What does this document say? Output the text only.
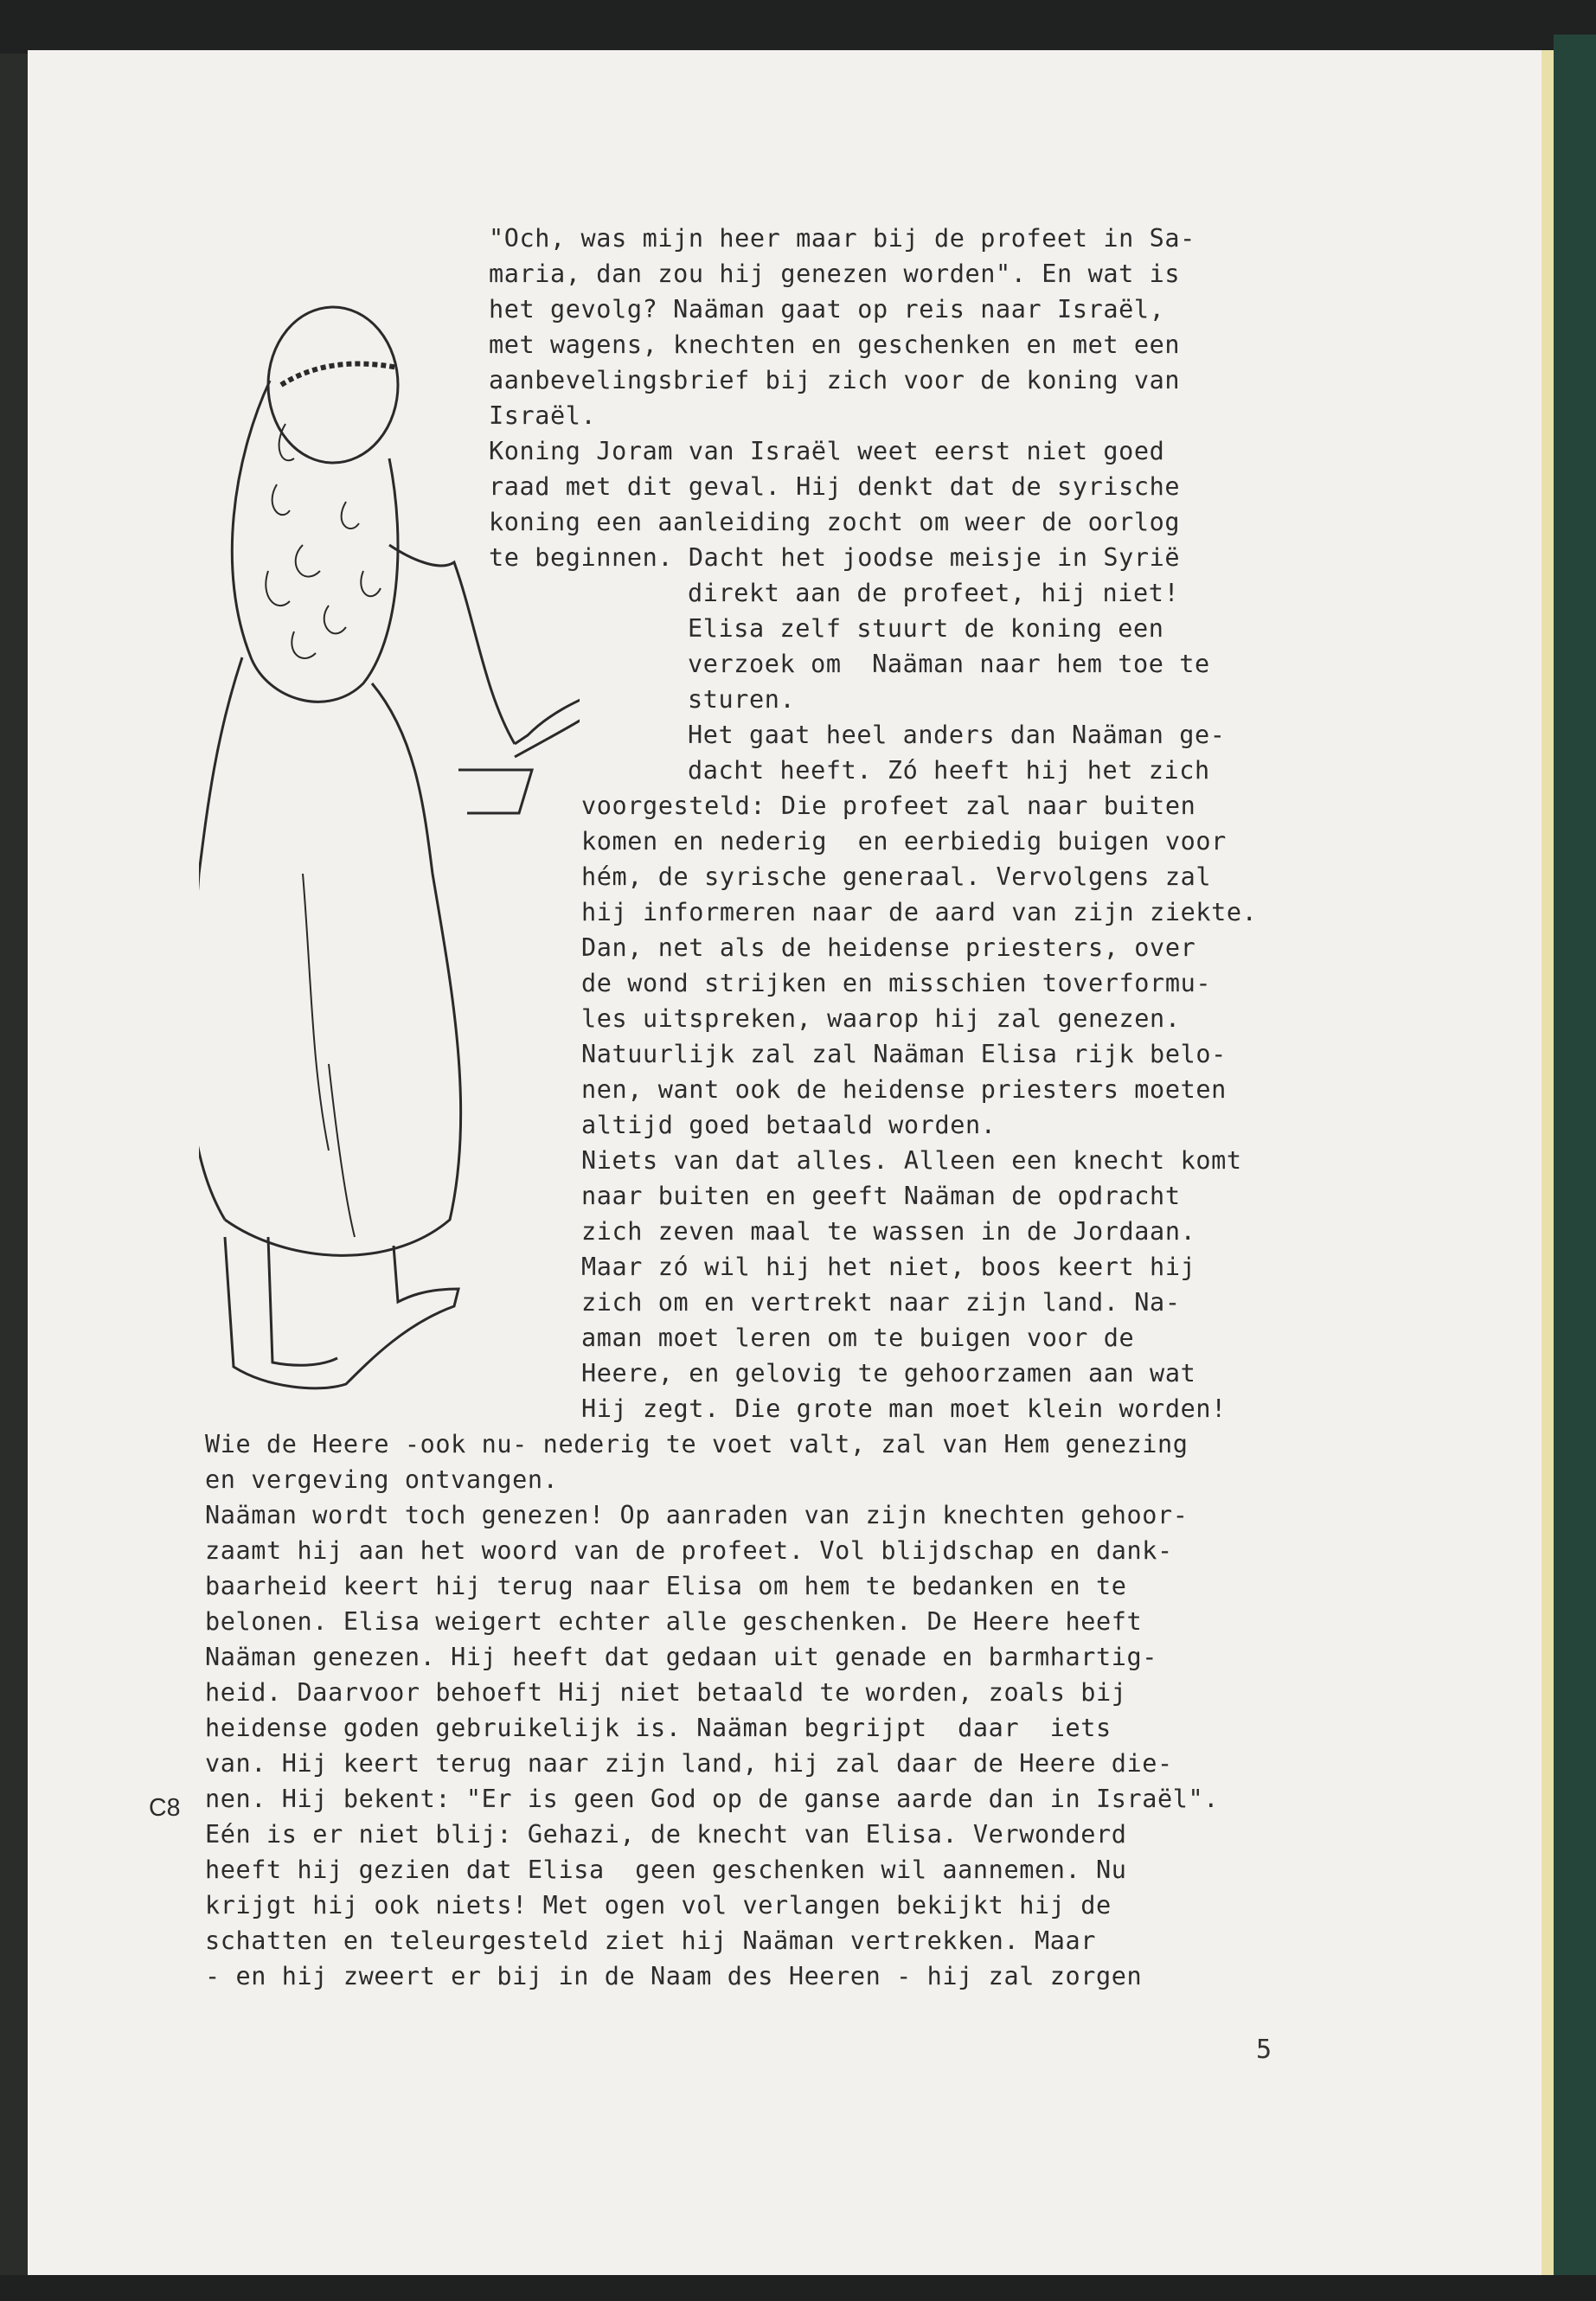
"Och, was mijn heer maar bij de profeet in Sa-

maria, dan zou hij genezen worden". En wat is

het gevolg? Naäman gaat op reis naar Israël,

met wagens, knechten en geschenken en met een

aanbevelingsbrief bij zich voor de koning van

Israël.

Koning Joram van Israël weet eerst niet goed

raad met dit geval. Hij denkt dat de syrische

koning een aanleiding zocht om weer de oorlog

te beginnen. Dacht het joodse meisje in Syrië

direkt aan de profeet, hij niet!

Elisa zelf stuurt de koning een

verzoek om  Naäman naar hem toe te

sturen.

Het gaat heel anders dan Naäman ge-

dacht heeft. Zó heeft hij het zich

voorgesteld: Die profeet zal naar buiten

komen en nederig  en eerbiedig buigen voor

hém, de syrische generaal. Vervolgens zal

hij informeren naar de aard van zijn ziekte.

Dan, net als de heidense priesters, over

de wond strijken en misschien toverformu-

les uitspreken, waarop hij zal genezen.

Natuurlijk zal zal Naäman Elisa rijk belo-

nen, want ook de heidense priesters moeten

altijd goed betaald worden.

Niets van dat alles. Alleen een knecht komt

naar buiten en geeft Naäman de opdracht

zich zeven maal te wassen in de Jordaan.

Maar zó wil hij het niet, boos keert hij

zich om en vertrekt naar zijn land. Na-

aman moet leren om te buigen voor de

Heere, en gelovig te gehoorzamen aan wat

Hij zegt. Die grote man moet klein worden!

Wie de Heere -ook nu- nederig te voet valt, zal van Hem genezing

en vergeving ontvangen.

Naäman wordt toch genezen! Op aanraden van zijn knechten gehoor-

zaamt hij aan het woord van de profeet. Vol blijdschap en dank-

baarheid keert hij terug naar Elisa om hem te bedanken en te

belonen. Elisa weigert echter alle geschenken. De Heere heeft

Naäman genezen. Hij heeft dat gedaan uit genade en barmhartig-

heid. Daarvoor behoeft Hij niet betaald te worden, zoals bij

heidense goden gebruikelijk is. Naäman begrijpt  daar  iets

van. Hij keert terug naar zijn land, hij zal daar de Heere die-

nen. Hij bekent: "Er is geen God op de ganse aarde dan in Israël".

Eén is er niet blij: Gehazi, de knecht van Elisa. Verwonderd

heeft hij gezien dat Elisa  geen geschenken wil aannemen. Nu

krijgt hij ook niets! Met ogen vol verlangen bekijkt hij de

schatten en teleurgesteld ziet hij Naäman vertrekken. Maar

- en hij zweert er bij in de Naam des Heeren - hij zal zorgen

C8

5
